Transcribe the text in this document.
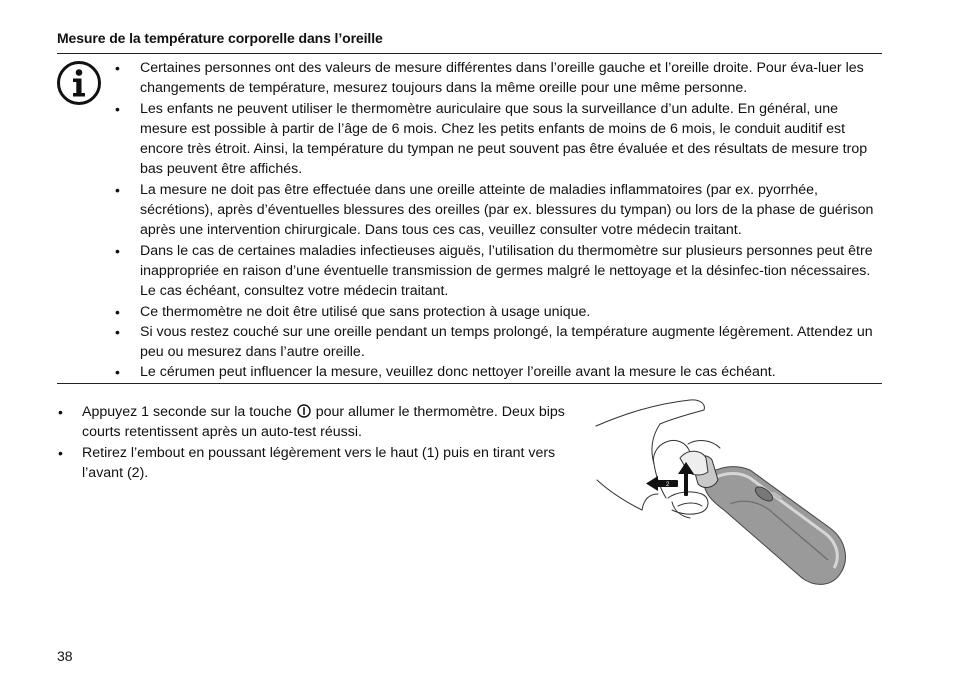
Mesure de la température corporelle dans l’oreille
• Certaines personnes ont des valeurs de mesure différentes dans l’oreille gauche et l’oreille droite. Pour éva-luer les changements de température, mesurez toujours dans la même oreille pour une même personne.
• Les enfants ne peuvent utiliser le thermomètre auriculaire que sous la surveillance d’un adulte. En général, une mesure est possible à partir de l’âge de 6 mois. Chez les petits enfants de moins de 6 mois, le conduit auditif est encore très étroit. Ainsi, la température du tympan ne peut souvent pas être évaluée et des résultats de mesure trop bas peuvent être affichés.
• La mesure ne doit pas être effectuée dans une oreille atteinte de maladies inflammatoires (par ex. pyorrhée, sécrétions), après d’éventuelles blessures des oreilles (par ex. blessures du tympan) ou lors de la phase de guérison après une intervention chirurgicale. Dans tous ces cas, veuillez consulter votre médecin traitant.
• Dans le cas de certaines maladies infectieuses aiguës, l’utilisation du thermomètre sur plusieurs personnes peut être inappropriée en raison d’une éventuelle transmission de germes malgré le nettoyage et la désinfec-tion nécessaires. Le cas échéant, consultez votre médecin traitant.
• Ce thermomètre ne doit être utilisé que sans protection à usage unique.
• Si vous restez couché sur une oreille pendant un temps prolongé, la température augmente légèrement. Attendez un peu ou mesurez dans l’autre oreille.
• Le cérumen peut influencer la mesure, veuillez donc nettoyer l’oreille avant la mesure le cas échéant.
• Appuyez 1 seconde sur la touche  pour allumer le thermomètre. Deux bips courts retentissent après un auto-test réussi.
• Retirez l’embout en poussant légèrement vers le haut (1) puis en tirant vers l’avant (2).
1
2
38
